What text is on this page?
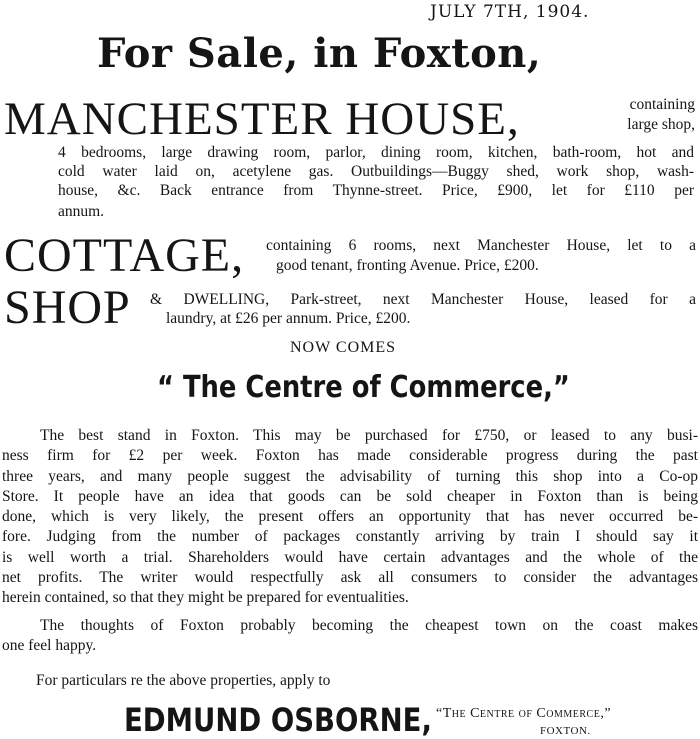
JULY 7TH, 1904.
For Sale, in Foxton,
MANCHESTER HOUSE,	containing
large shop,
4 bedrooms, large drawing room, parlor, dining room, kitchen, bath-room, hot and
cold water laid on, acetylene gas. Outbuildings—Buggy shed, work shop, wash-
house, &c. Back entrance from Thynne-street. Price, £900, let for £110 per
annum.
COTTAGE, containing 6 rooms, next Manchester House, let to a
good tenant, fronting Avenue. Price, £200.
SHOP & DWELLING, Park-street, next Manchester House, leased for a
laundry, at £26 per annum. Price, £200.
NOW COMES
“ The Centre of Commerce,”
The best stand in Foxton. This may be purchased for £750, or leased to any busi-
ness firm for £2 per week. Foxton has made considerable progress during the past
three years, and many people suggest the advisability of turning this shop into a Co-op
Store. It people have an idea that goods can be sold cheaper in Foxton than is being
done, which is very likely, the present offers an opportunity that has never occurred be-
fore. Judging from the number of packages constantly arriving by train I should say it
is well worth a trial. Shareholders would have certain advantages and the whole of the
net profits. The writer would respectfully ask all consumers to consider the advantages
herein contained, so that they might be prepared for eventualities.
The thoughts of Foxton probably becoming the cheapest town on the coast makes
one feel happy.
For particulars re the above properties, apply to
EDMUND OSBORNE, “The Centre of Commerce,”
FOXTON.
